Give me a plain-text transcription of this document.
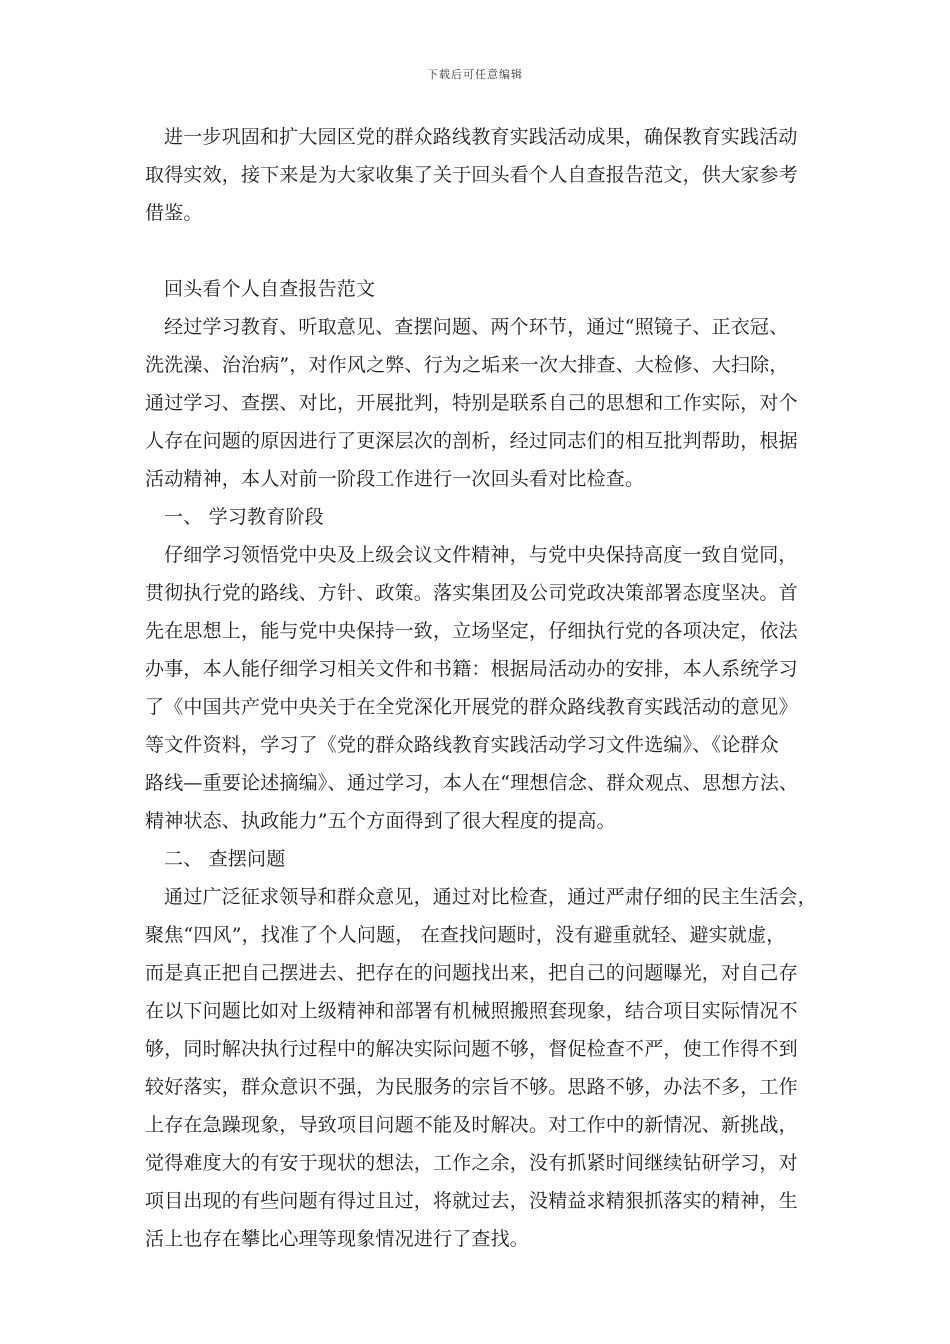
下载后可任意编辑
进一步巩固和扩大园区党的群众路线教育实践活动成果，确保教育实践活动
取得实效，接下来是为大家收集了关于回头看个人自查报告范文，供大家参考
借鉴。
回头看个人自查报告范文
经过学习教育、听取意见、查摆问题、两个环节，通过“照镜子、正衣冠、
洗洗澡、治治病”，对作风之弊、行为之垢来一次大排查、大检修、大扫除，
通过学习、查摆、对比，开展批判，特别是联系自己的思想和工作实际，对个
人存在问题的原因进行了更深层次的剖析，经过同志们的相互批判帮助，根据
活动精神，本人对前一阶段工作进行一次回头看对比检查。
一、 学习教育阶段
仔细学习领悟党中央及上级会议文件精神，与党中央保持高度一致自觉同，
贯彻执行党的路线、方针、政策。落实集团及公司党政决策部署态度坚决。首
先在思想上，能与党中央保持一致，立场坚定，仔细执行党的各项决定，依法
办事，本人能仔细学习相关文件和书籍：根据局活动办的安排，本人系统学习
了《中国共产党中央关于在全党深化开展党的群众路线教育实践活动的意见》
等文件资料，学习了《党的群众路线教育实践活动学习文件选编》、《论群众
路线—重要论述摘编》、通过学习，本人在“理想信念、群众观点、思想方法、
精神状态、执政能力”五个方面得到了很大程度的提高。
二、 查摆问题
通过广泛征求领导和群众意见，通过对比检查，通过严肃仔细的民主生活会，
聚焦“四风”，找准了个人问题， 在查找问题时，没有避重就轻、避实就虚，
而是真正把自己摆进去、把存在的问题找出来，把自己的问题曝光，对自己存
在以下问题比如对上级精神和部署有机械照搬照套现象，结合项目实际情况不
够，同时解决执行过程中的解决实际问题不够，督促检查不严，使工作得不到
较好落实，群众意识不强，为民服务的宗旨不够。思路不够，办法不多，工作
上存在急躁现象，导致项目问题不能及时解决。对工作中的新情况、新挑战，
觉得难度大的有安于现状的想法，工作之余，没有抓紧时间继续钻研学习，对
项目出现的有些问题有得过且过，将就过去，没精益求精狠抓落实的精神，生
活上也存在攀比心理等现象情况进行了查找。
